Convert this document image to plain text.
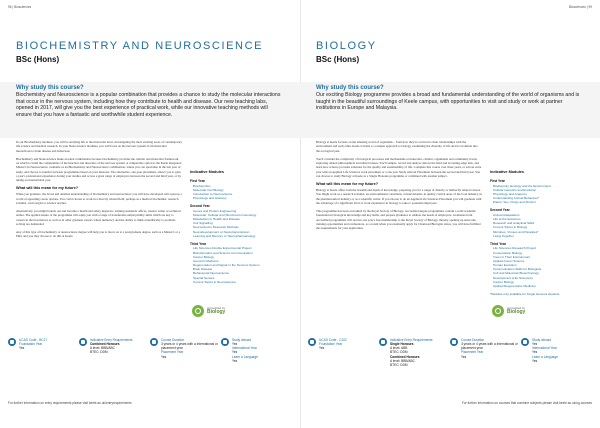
96 | Biosciences
BIOCHEMISTRY AND NEUROSCIENCE
BSc (Hons)
Why study this course?

Biochemistry and Neuroscience is a popular combination that provides a chance to study the molecular interactions that occur in the nervous system, including how they contribute to health and disease. Our new teaching labs, opened in 2017, will give you the best experience of practical work, while our innovative teaching methods will ensure that you have a fantastic and worthwhile student experience.

In our Biochemistry modules, you will be studying life at the molecular level, investigating the most exciting areas of contemporary life science and medical research. In your Neuroscience modules, you will focus on the nervous system, from molecular interactions to brain disease and behaviour.

Biochemistry and Neuroscience make an ideal combination because biochemistry provides the cellular and molecular framework on which to build the complexities of the function and disorders of the nervous system. A comparable option is the Keele integrated Master's in Neuroscience, available as an Biochemistry and Neuroscience combination, where you can specialise in the last year of study, and choose to transfer between programmes based on your interests. The alternative, one-year placement, allows you to gain a year's professional experience during your studies and access a great range of employers between the second and third year, or by taking an international year.

What will this mean for my future?

When you graduate, the broad and detailed understanding of biochemistry and neuroscience you will have developed will open up a world of appealing career options. You could choose to work in a directly related field, perhaps as a medical biochemist, research scientist, toxicologist or science teacher.

Alternatively, you might branch out and become a health and safety inspector, training standards officer, science writer or technical author. The applied nature of the programme will equip you with a range of transferable employability skills which are key to careers in the biosciences as well as in other graduate careers where numeracy and the ability to think scientifically to problem-solving are demanded.

Any of this type of biochemistry or neuroscience degree will help you to move on to a postgraduate degree, such as a Master's or a PhD, and you may choose to do this at Keele.

Indicative Modules
First Year
Biochemistry
Molecular Cell Biology
Introduction to Neuroscience
Physiology and anatomy
Second Year
Genes and Protein Engineering
Molecular, Cellular and Structural Immunology
Metabolism in Health and Disease
Cell Signalling
Neuroscience Research Methods
Neurodevelopment or Neurotransmission
Learning and Memory or Neuropharmacology
Third Year
Life Sciences Double Experimental Project
Bioinformatics and Science Communication
Cancer Biology
Genomic Medicine
Regeneration and Repair in the Nervous System
Brain Disease
Behavioural Neuroscience
Special Senses
Current Topics in Neuroscience
Accredited by
Biology
UCAS Code - BC17
Foundation Year
Yes
Indicative Entry Requirements
Combined Honours
A level: BBB/ABC
BTEC: DDM
Course Duration
3 years or 4 years with a International or placement year
Placement Year
Yes
Study abroad
Yes
International Year
Yes
Learn a Language
Yes
For further information on entry requirements please visit keele.ac.uk/entryrequirements
Biosciences | 99
BIOLOGY
BSc (Hons)
Why study this course?

Our exciting Biology programme provides a broad and fundamental understanding of the world of organisms and is taught in the beautiful surroundings of Keele campus, with opportunities to visit and study or work at partner institutions in Europe and Malaysia.

Biology at Keele focuses on the amazing world of organisms – from how they've evolved to their relationships with the environment and each other. Keele is home to a unique approach to biology, examining the diversity of life and its evolution into the ecological past.

You'll consider the complexity of biological processes and mechanisms at molecular, cellular, organismal and community levels, exploring related philosophical and ethical issues. You'll sample, record and analyse data in the field and in cutting-edge labs, and learn how science provides solutions for the quality and sustainability of life. Complete this course over three years, or add an extra year with an Applied Life Sciences work placement or a one year Study Abroad Placement between the second and third year. You can choose to study Biology at Keele as a Single Honours programme or combined with another subject.

What will this mean for my future?

Biology at Keele offers both the breadth and depth of knowledge, preparing you for a range of directly or indirectly related careers. You might work as a research scientist, an environmental consultant, conservationist, in quality control areas of the food industry, in the pharmaceutical industry or as a scientific writer. If you choose to do an Applied Life Sciences Placement you will graduate with the advantage of a significant level of work experience in biology to take to potential employers.

This programme has been accredited by the Royal Society of Biology. Accredited degree programmes contain a solid academic foundation in biological knowledge and key skills, and prepare graduates to address the needs of employers. Graduates from Accredited programmes will receive one year's free membership to the Royal Society of Biology, thereby opening up networks, training opportunities and conferences, as a result when you eventually apply for Chartered Biologist status, you will have fulfilled the requirements for your application.

Indicative Modules
First Year
Biodiversity, Ecology and the Environment
Cellular Genetics and Evolution
Physiology and Anatomy
Understanding Animal Behaviour*
Plants: Sex, Drugs and Alcohol
Second Year
Animal Adaptations
Life at the Extremes
Research and Analytical Skills
Current Topics in Biology
Microbes, Viruses and Parasites*
Living Together
Third Year
Life Sciences Research Project
Conservation Biology
Trees in Their Environment
Applied Insect Science
Human Evolution
Communication Skills for Biologists
Cell and Molecular Biotechnology
Development (Life Sciences)
Cancer Biology
Applied Regenerative Medicine
*Modules only available for Single Honours students
Accredited by
Biology
UCAS Code - C102
Foundation Year
Yes
Indicative Entry Requirements
Single Honours
A level: ABB
BTEC: DDM
Combined Honours
A level: BBB/ABC
BTEC: DDM
Course Duration
3 years or 4 years with a International or placement year
Placement Year
Yes
Study abroad
Yes
International Year
Yes
Learn a Language
Yes
For further information on courses that combine subjects please visit keele.ac.uk/ug-courses
